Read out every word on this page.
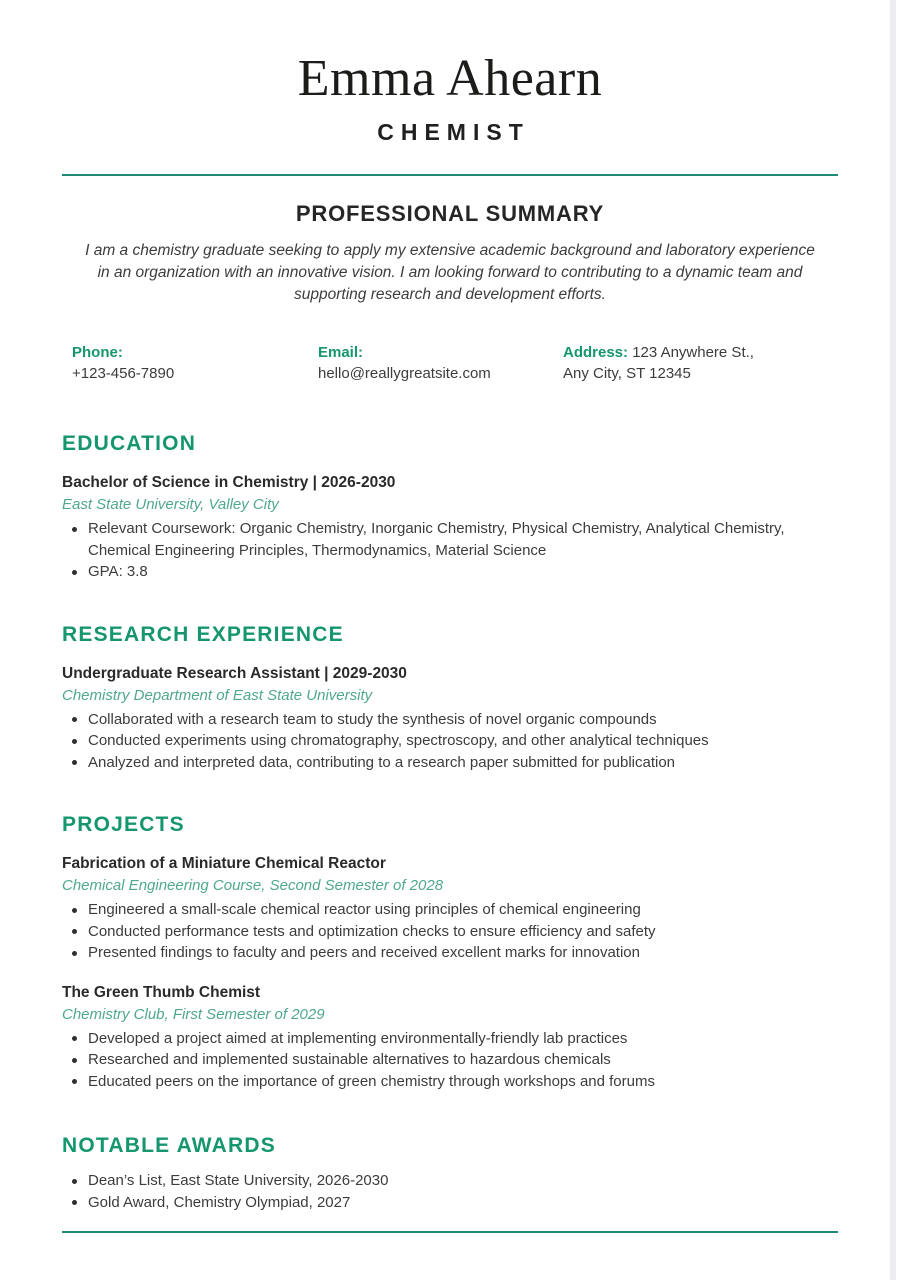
Emma Ahearn
CHEMIST
PROFESSIONAL SUMMARY

I am a chemistry graduate seeking to apply my extensive academic background and laboratory experience in an organization with an innovative vision. I am looking forward to contributing to a dynamic team and supporting research and development efforts.

Phone:
+123-456-7890
Email:
hello@reallygreatsite.com
Address: 123 Anywhere St., Any City, ST 12345
EDUCATION
Bachelor of Science in Chemistry | 2026-2030
East State University, Valley City
Relevant Coursework: Organic Chemistry, Inorganic Chemistry, Physical Chemistry, Analytical Chemistry, Chemical Engineering Principles, Thermodynamics, Material Science
GPA: 3.8
RESEARCH EXPERIENCE
Undergraduate Research Assistant | 2029-2030
Chemistry Department of East State University
Collaborated with a research team to study the synthesis of novel organic compounds
Conducted experiments using chromatography, spectroscopy, and other analytical techniques
Analyzed and interpreted data, contributing to a research paper submitted for publication
PROJECTS
Fabrication of a Miniature Chemical Reactor
Chemical Engineering Course, Second Semester of 2028
Engineered a small-scale chemical reactor using principles of chemical engineering
Conducted performance tests and optimization checks to ensure efficiency and safety
Presented findings to faculty and peers and received excellent marks for innovation
The Green Thumb Chemist
Chemistry Club, First Semester of 2029
Developed a project aimed at implementing environmentally-friendly lab practices
Researched and implemented sustainable alternatives to hazardous chemicals
Educated peers on the importance of green chemistry through workshops and forums
NOTABLE AWARDS
Dean’s List, East State University, 2026-2030
Gold Award, Chemistry Olympiad, 2027
